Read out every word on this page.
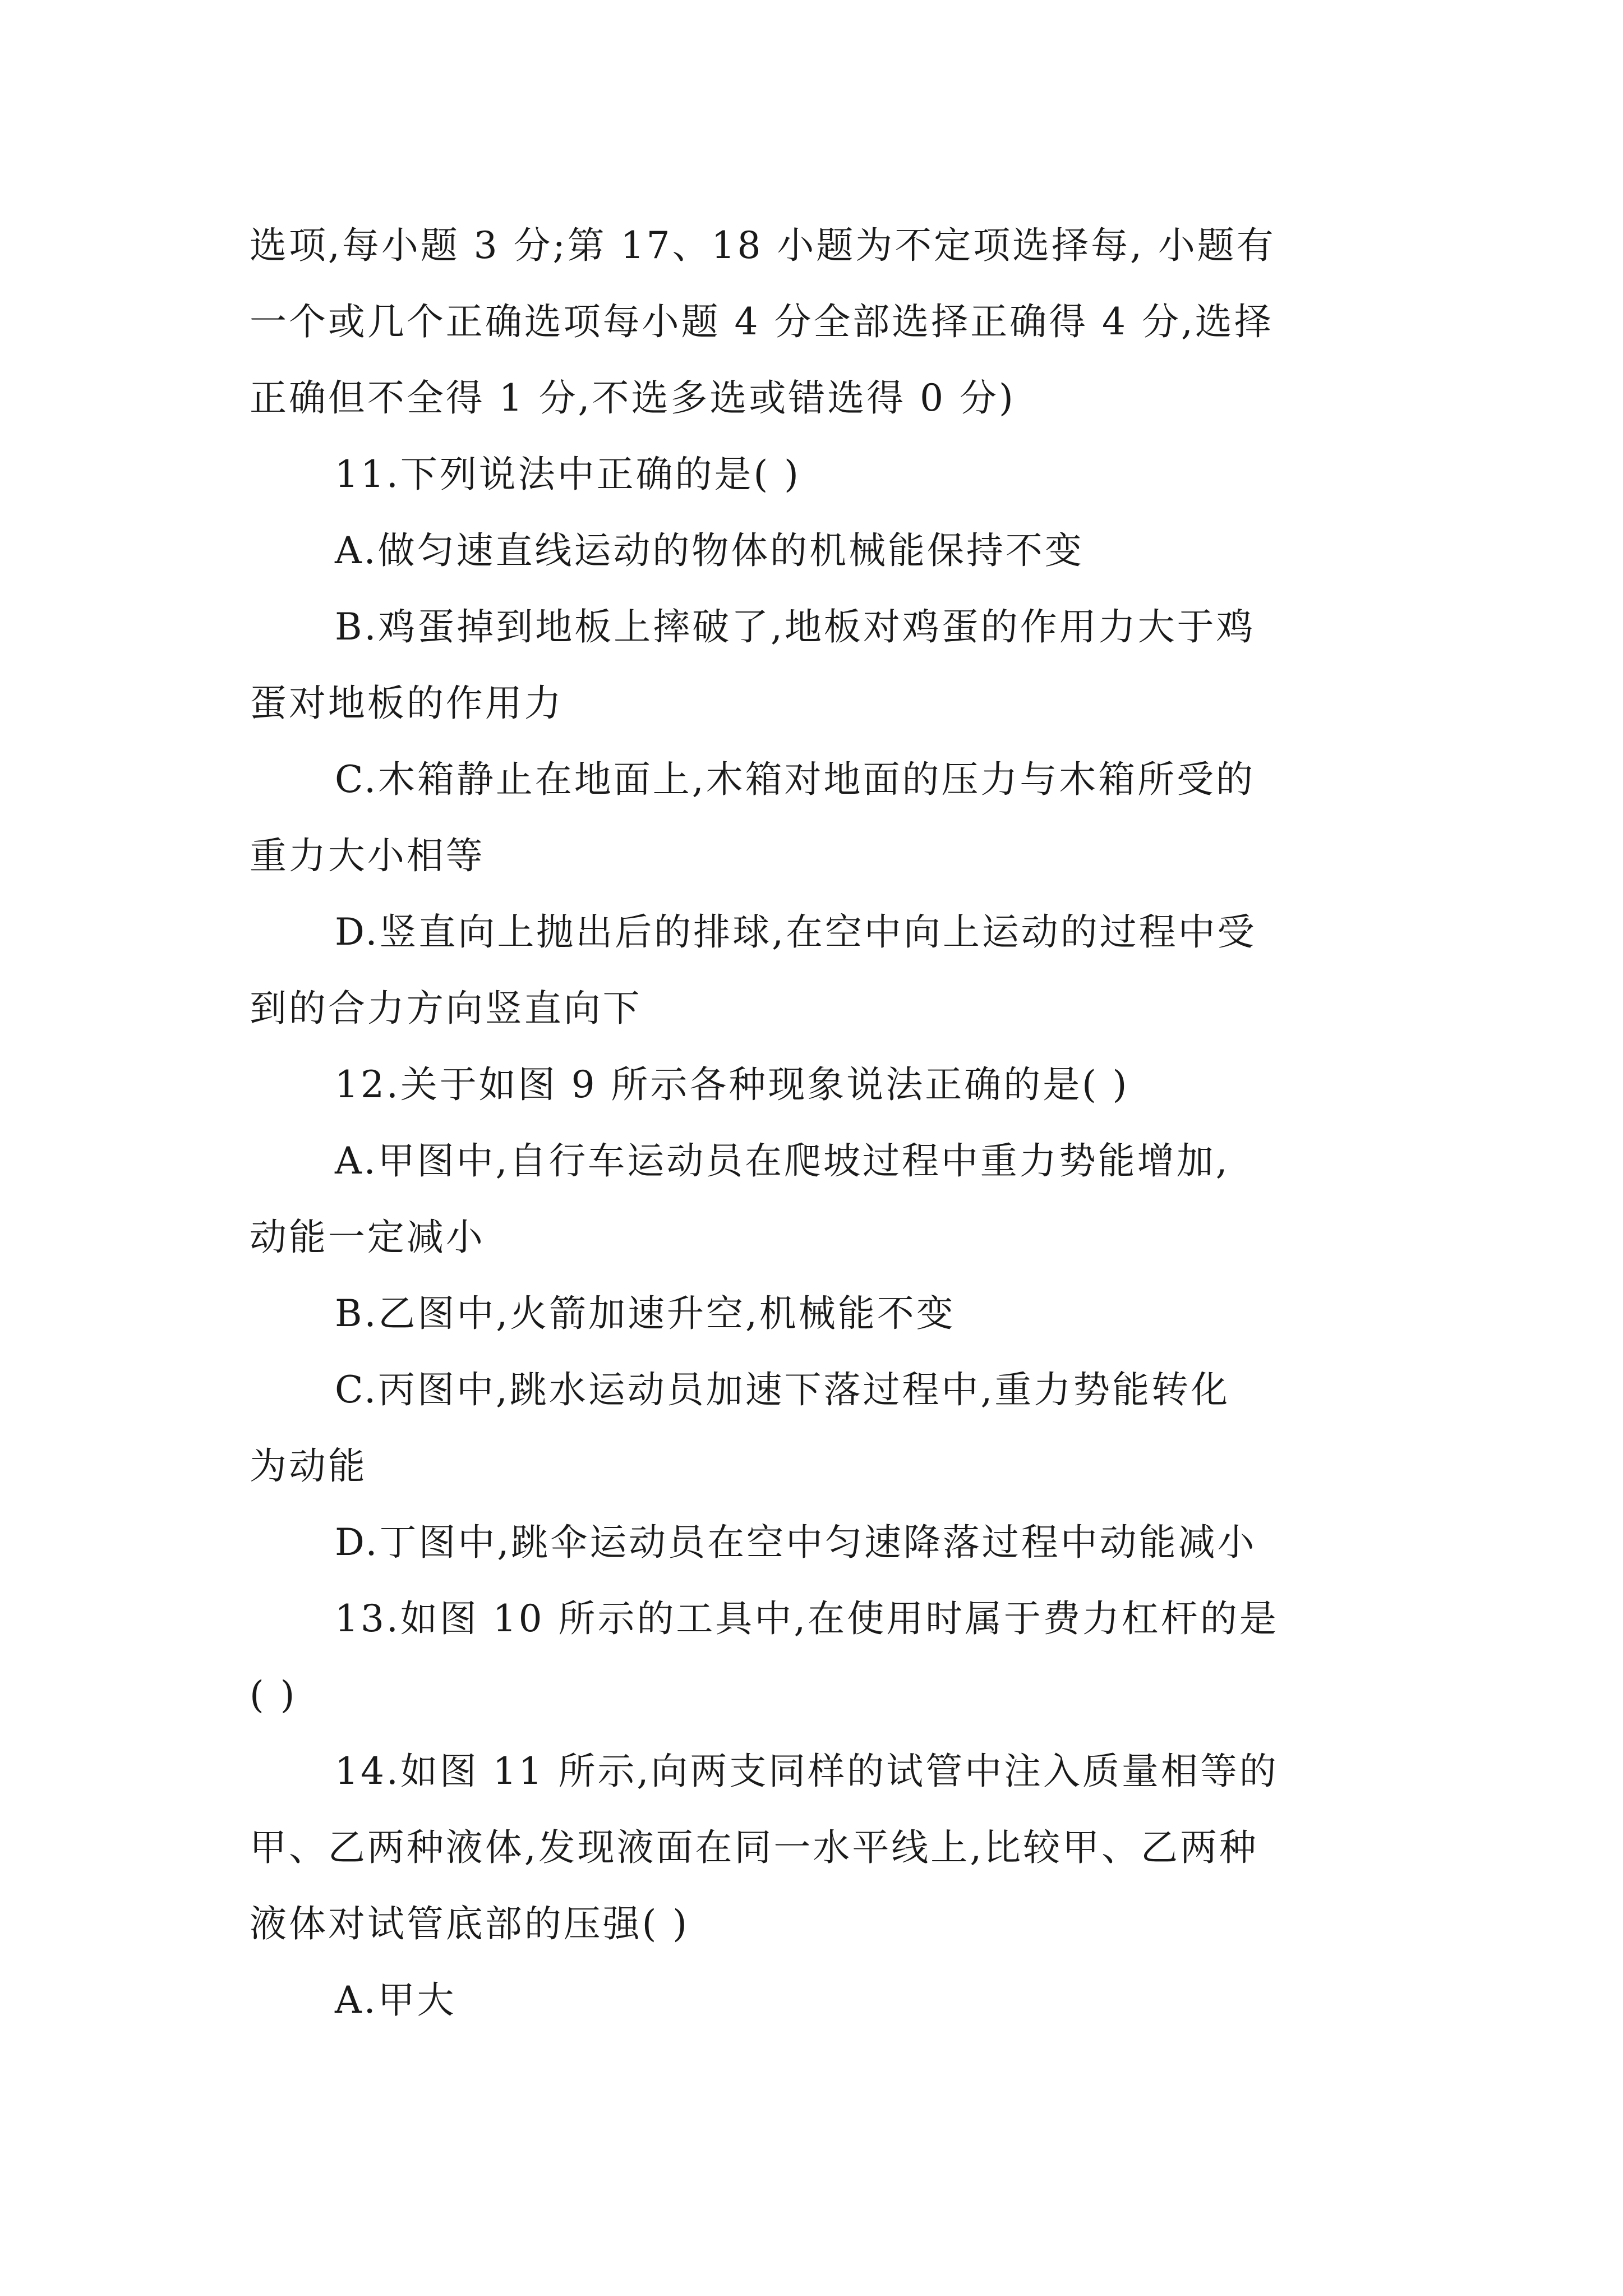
选项,每小题 3 分;第 17、18 小题为不定项选择每, 小题有
一个或几个正确选项每小题 4 分全部选择正确得 4 分,选择
正确但不全得 1 分,不选多选或错选得 0 分)
11.下列说法中正确的是( )
A.做匀速直线运动的物体的机械能保持不变
B.鸡蛋掉到地板上摔破了,地板对鸡蛋的作用力大于鸡
蛋对地板的作用力
C.木箱静止在地面上,木箱对地面的压力与木箱所受的
重力大小相等
D.竖直向上抛出后的排球,在空中向上运动的过程中受
到的合力方向竖直向下
12.关于如图 9 所示各种现象说法正确的是( )
A.甲图中,自行车运动员在爬坡过程中重力势能增加,
动能一定减小
B.乙图中,火箭加速升空,机械能不变
C.丙图中,跳水运动员加速下落过程中,重力势能转化
为动能
D.丁图中,跳伞运动员在空中匀速降落过程中动能减小
13.如图 10 所示的工具中,在使用时属于费力杠杆的是
( )
14.如图 11 所示,向两支同样的试管中注入质量相等的
甲、乙两种液体,发现液面在同一水平线上,比较甲、乙两种
液体对试管底部的压强( )
A.甲大
